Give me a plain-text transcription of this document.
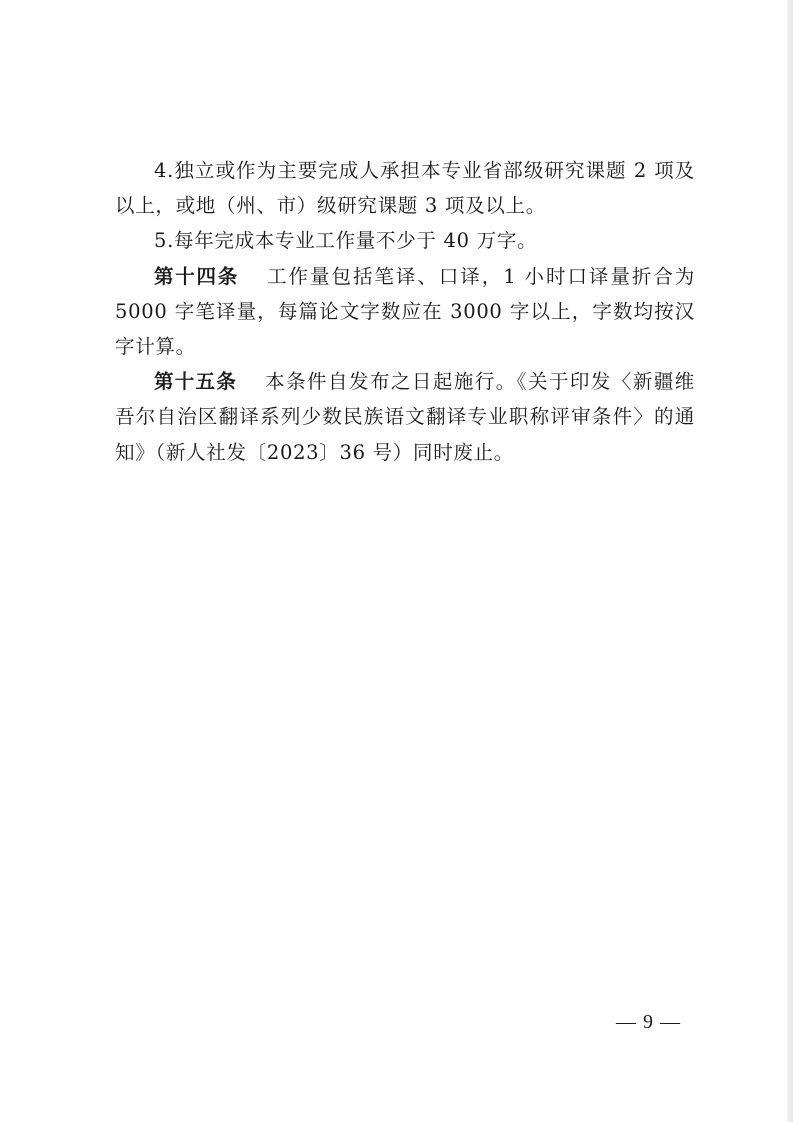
4.独立或作为主要完成人承担本专业省部级研究课题 2 项及以上，或地（州、市）级研究课题 3 项及以上。

5.每年完成本专业工作量不少于 40 万字。

第十四条 工作量包括笔译、口译，1 小时口译量折合为 5000 字笔译量，每篇论文字数应在 3000 字以上，字数均按汉字计算。

第十五条 本条件自发布之日起施行。《关于印发〈新疆维吾尔自治区翻译系列少数民族语文翻译专业职称评审条件〉的通知》（新人社发〔2023〕36 号）同时废止。

— 9 —
